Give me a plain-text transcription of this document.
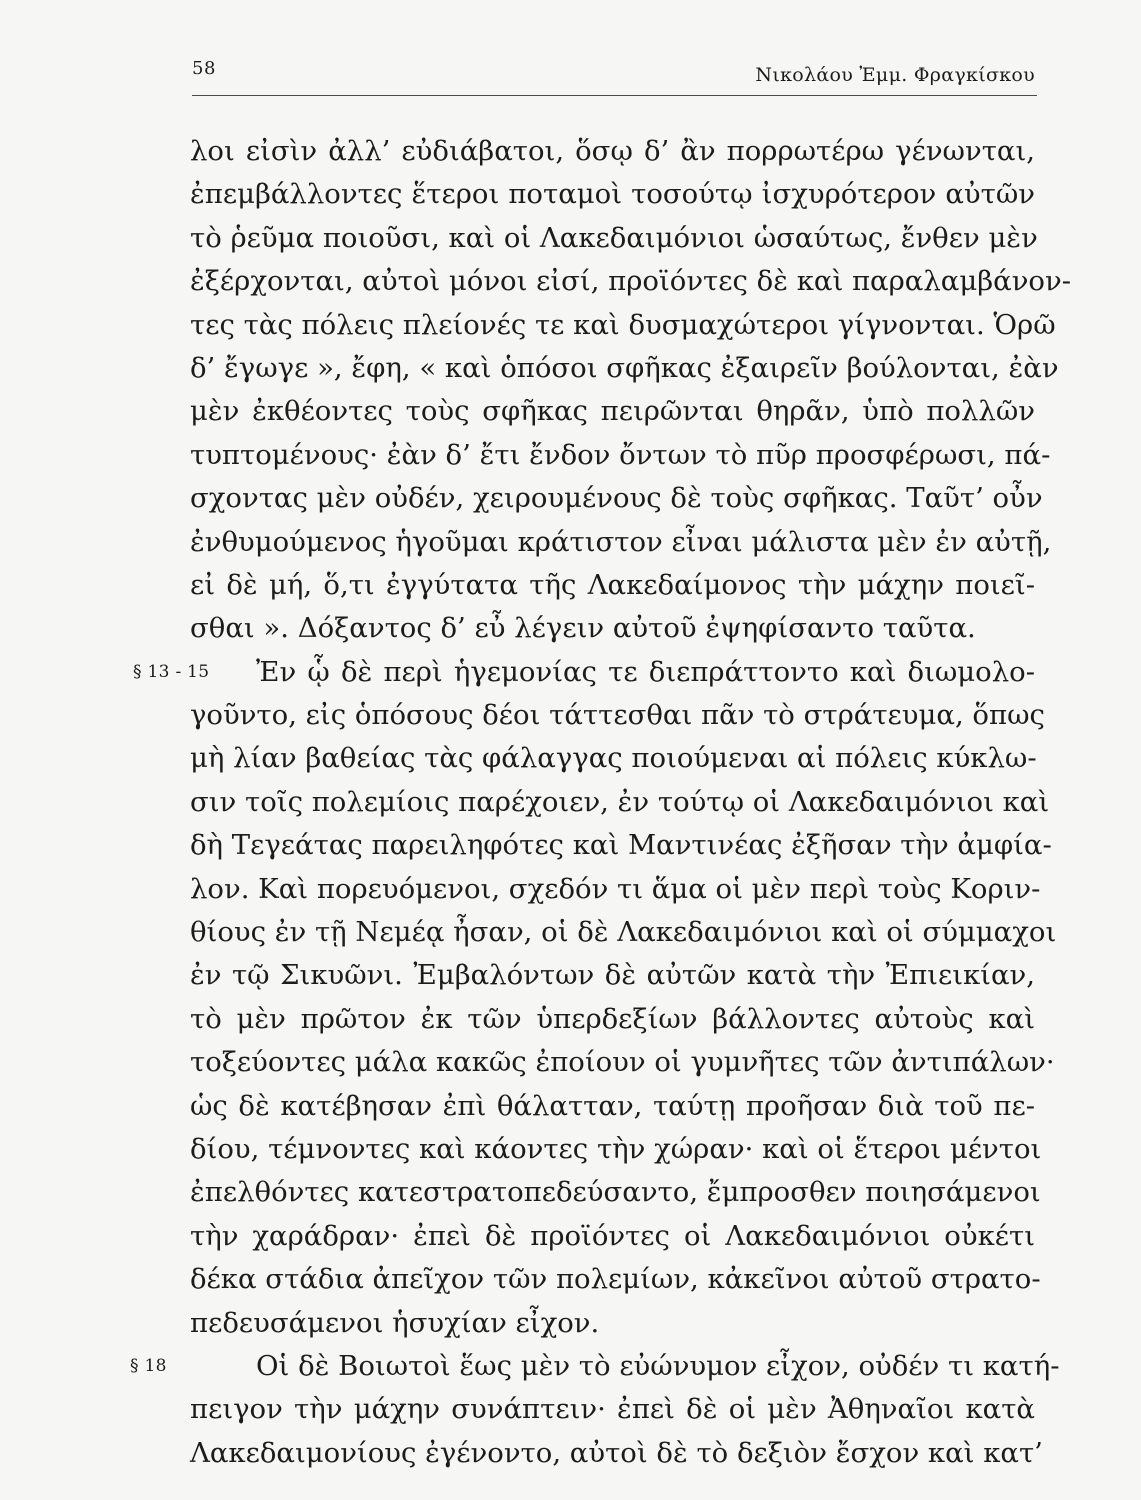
58	Νικολάου Ἐμμ. Φραγκίσκου
λοι εἰσὶν ἀλλ’ εὐδιάβατοι, ὅσῳ δ’ ἂν πορρωτέρω γένωνται,
ἐπεμβάλλοντες ἕτεροι ποταμοὶ τοσούτῳ ἰσχυρότερον αὐτῶν
τὸ ῥεῦμα ποιοῦσι, καὶ οἱ Λακεδαιμόνιοι ὡσαύτως, ἔνθεν μὲν
ἐξέρχονται, αὐτοὶ μόνοι εἰσί, προϊόντες δὲ καὶ παραλαμβάνον-
τες τὰς πόλεις πλείονές τε καὶ δυσμαχώτεροι γίγνονται. Ὁρῶ
δ’ ἔγωγε », ἔφη, « καὶ ὁπόσοι σφῆκας ἐξαιρεῖν βούλονται, ἐὰν
μὲν ἐκθέοντες τοὺς σφῆκας πειρῶνται θηρᾶν, ὑπὸ πολλῶν
τυπτομένους· ἐὰν δ’ ἔτι ἔνδον ὄντων τὸ πῦρ προσφέρωσι, πά-
σχοντας μὲν οὐδέν, χειρουμένους δὲ τοὺς σφῆκας. Ταῦτ’ οὖν
ἐνθυμούμενος ἡγοῦμαι κράτιστον εἶναι μάλιστα μὲν ἐν αὐτῇ,
εἰ δὲ μή, ὅ,τι ἐγγύτατα τῆς Λακεδαίμονος τὴν μάχην ποιεῖ-
σθαι ». Δόξαντος δ’ εὖ λέγειν αὐτοῦ ἐψηφίσαντο ταῦτα.
§ 13 - 15	Ἐν ᾧ δὲ περὶ ἡγεμονίας τε διεπράττοντο καὶ διωμολο-
γοῦντο, εἰς ὁπόσους δέοι τάττεσθαι πᾶν τὸ στράτευμα, ὅπως
μὴ λίαν βαθείας τὰς φάλαγγας ποιούμεναι αἱ πόλεις κύκλω-
σιν τοῖς πολεμίοις παρέχοιεν, ἐν τούτῳ οἱ Λακεδαιμόνιοι καὶ
δὴ Τεγεάτας παρειληφότες καὶ Μαντινέας ἐξῆσαν τὴν ἀμφία-
λον. Καὶ πορευόμενοι, σχεδόν τι ἅμα οἱ μὲν περὶ τοὺς Κοριν-
θίους ἐν τῇ Νεμέᾳ ἦσαν, οἱ δὲ Λακεδαιμόνιοι καὶ οἱ σύμμαχοι
ἐν τῷ Σικυῶνι. Ἐμβαλόντων δὲ αὐτῶν κατὰ τὴν Ἐπιεικίαν,
τὸ μὲν πρῶτον ἐκ τῶν ὑπερδεξίων βάλλοντες αὐτοὺς καὶ
τοξεύοντες μάλα κακῶς ἐποίουν οἱ γυμνῆτες τῶν ἀντιπάλων·
ὡς δὲ κατέβησαν ἐπὶ θάλατταν, ταύτῃ προῆσαν διὰ τοῦ πε-
δίου, τέμνοντες καὶ κάοντες τὴν χώραν· καὶ οἱ ἕτεροι μέντοι
ἐπελθόντες κατεστρατοπεδεύσαντο, ἔμπροσθεν ποιησάμενοι
τὴν χαράδραν· ἐπεὶ δὲ προϊόντες οἱ Λακεδαιμόνιοι οὐκέτι
δέκα στάδια ἀπεῖχον τῶν πολεμίων, κἀκεῖνοι αὐτοῦ στρατο-
πεδευσάμενοι ἡσυχίαν εἶχον.
§ 18	Οἱ δὲ Βοιωτοὶ ἕως μὲν τὸ εὐώνυμον εἶχον, οὐδέν τι κατή-
πειγον τὴν μάχην συνάπτειν· ἐπεὶ δὲ οἱ μὲν Ἀθηναῖοι κατὰ
Λακεδαιμονίους ἐγένοντο, αὐτοὶ δὲ τὸ δεξιὸν ἔσχον καὶ κατ’
